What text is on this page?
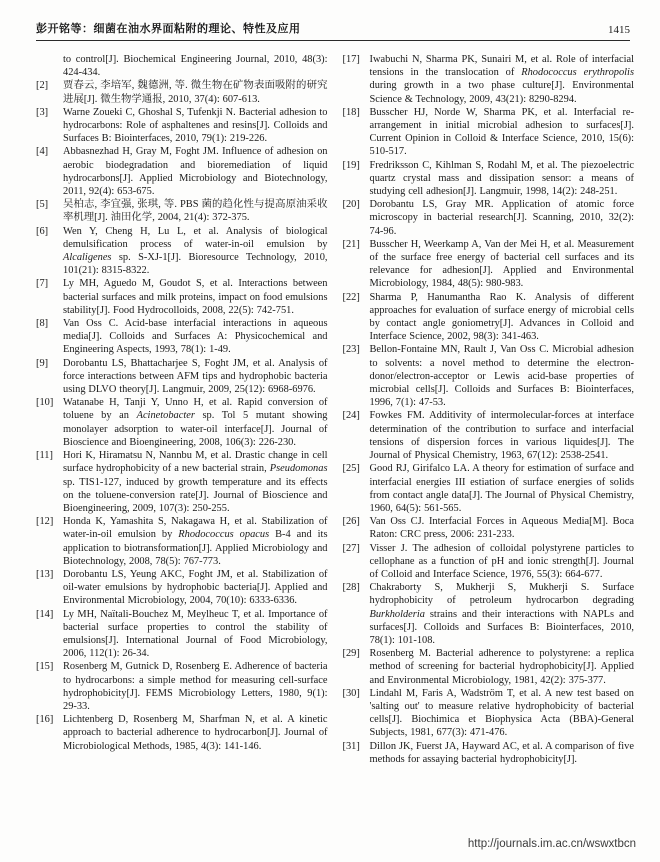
彭开铭等：细菌在油水界面粘附的理论、特性及应用	1415
to control[J]. Biochemical Engineering Journal, 2010, 48(3): 424-434.
[2]	贾春云, 李培军, 魏德洲, 等. 微生物在矿物表面吸附的研究进展[J]. 微生物学通报, 2010, 37(4): 607-613.
[3]	Warne Zoueki C, Ghoshal S, Tufenkji N. Bacterial adhesion to hydrocarbons: Role of asphaltenes and resins[J]. Colloids and Surfaces B: Biointerfaces, 2010, 79(1): 219-226.
[4]	Abbasnezhad H, Gray M, Foght JM. Influence of adhesion on aerobic biodegradation and bioremediation of liquid hydrocarbons[J]. Applied Microbiology and Biotechnology, 2011, 92(4): 653-675.
[5]	吴柏志, 李宜强, 张琪, 等. PBS 菌的趋化性与提高原油采收率机理[J]. 油田化学, 2004, 21(4): 372-375.
[6]	Wen Y, Cheng H, Lu L, et al. Analysis of biological demulsification process of water-in-oil emulsion by Alcaligenes sp. S-XJ-1[J]. Bioresource Technology, 2010, 101(21): 8315-8322.
[7]	Ly MH, Aguedo M, Goudot S, et al. Interactions between bacterial surfaces and milk proteins, impact on food emulsions stability[J]. Food Hydrocolloids, 2008, 22(5): 742-751.
[8]	Van Oss C. Acid-base interfacial interactions in aqueous media[J]. Colloids and Surfaces A: Physicochemical and Engineering Aspects, 1993, 78(1): 1-49.
[9]	Dorobantu LS, Bhattacharjee S, Foght JM, et al. Analysis of force interactions between AFM tips and hydrophobic bacteria using DLVO theory[J]. Langmuir, 2009, 25(12): 6968-6976.
[10] Watanabe H, Tanji Y, Unno H, et al. Rapid conversion of toluene by an Acinetobacter sp. Tol 5 mutant showing monolayer adsorption to water-oil interface[J]. Journal of Bioscience and Bioengineering, 2008, 106(3): 226-230.
[11] Hori K, Hiramatsu N, Nannbu M, et al. Drastic change in cell surface hydrophobicity of a new bacterial strain, Pseudomonas sp. TIS1-127, induced by growth temperature and its effects on the toluene-conversion rate[J]. Journal of Bioscience and Bioengineering, 2009, 107(3): 250-255.
[12] Honda K, Yamashita S, Nakagawa H, et al. Stabilization of water-in-oil emulsion by Rhodococcus opacus B-4 and its application to biotransformation[J]. Applied Microbiology and Biotechnology, 2008, 78(5): 767-773.
[13] Dorobantu LS, Yeung AKC, Foght JM, et al. Stabilization of oil-water emulsions by hydrophobic bacteria[J]. Applied and Environmental Microbiology, 2004, 70(10): 6333-6336.
[14] Ly MH, Naïtali-Bouchez M, Meylheuc T, et al. Importance of bacterial surface properties to control the stability of emulsions[J]. International Journal of Food Microbiology, 2006, 112(1): 26-34.
[15] Rosenberg M, Gutnick D, Rosenberg E. Adherence of bacteria to hydrocarbons: a simple method for measuring cell-surface hydrophobicity[J]. FEMS Microbiology Letters, 1980, 9(1): 29-33.
[16] Lichtenberg D, Rosenberg M, Sharfman N, et al. A kinetic approach to bacterial adherence to hydrocarbon[J]. Journal of Microbiological Methods, 1985, 4(3): 141-146.
[17] Iwabuchi N, Sharma PK, Sunairi M, et al. Role of interfacial tensions in the translocation of Rhodococcus erythropolis during growth in a two phase culture[J]. Environmental Science & Technology, 2009, 43(21): 8290-8294.
[18] Busscher HJ, Norde W, Sharma PK, et al. Interfacial re-arrangement in initial microbial adhesion to surfaces[J]. Current Opinion in Colloid & Interface Science, 2010, 15(6): 510-517.
[19] Fredriksson C, Kihlman S, Rodahl M, et al. The piezoelectric quartz crystal mass and dissipation sensor: a means of studying cell adhesion[J]. Langmuir, 1998, 14(2): 248-251.
[20] Dorobantu LS, Gray MR. Application of atomic force microscopy in bacterial research[J]. Scanning, 2010, 32(2): 74-96.
[21] Busscher H, Weerkamp A, Van der Mei H, et al. Measurement of the surface free energy of bacterial cell surfaces and its relevance for adhesion[J]. Applied and Environmental Microbiology, 1984, 48(5): 980-983.
[22] Sharma P, Hanumantha Rao K. Analysis of different approaches for evaluation of surface energy of microbial cells by contact angle goniometry[J]. Advances in Colloid and Interface Science, 2002, 98(3): 341-463.
[23] Bellon-Fontaine MN, Rault J, Van Oss C. Microbial adhesion to solvents: a novel method to determine the electron-donor/electron-acceptor or Lewis acid-base properties of microbial cells[J]. Colloids and Surfaces B: Biointerfaces, 1996, 7(1): 47-53.
[24] Fowkes FM. Additivity of intermolecular-forces at interface determination of the contribution to surface and interfacial tensions of dispersion forces in various liquides[J]. The Journal of Physical Chemistry, 1963, 67(12): 2538-2541.
[25] Good RJ, Girifalco LA. A theory for estimation of surface and interfacial energies III estiation of surface energies of solids from contact angle data[J]. The Journal of Physical Chemistry, 1960, 64(5): 561-565.
[26] Van Oss CJ. Interfacial Forces in Aqueous Media[M]. Boca Raton: CRC press, 2006: 231-233.
[27] Visser J. The adhesion of colloidal polystyrene particles to cellophane as a function of pH and ionic strength[J]. Journal of Colloid and Interface Science, 1976, 55(3): 664-677.
[28] Chakraborty S, Mukherji S, Mukherji S. Surface hydrophobicity of petroleum hydrocarbon degrading Burkholderia strains and their interactions with NAPLs and surfaces[J]. Colloids and Surfaces B: Biointerfaces, 2010, 78(1): 101-108.
[29] Rosenberg M. Bacterial adherence to polystyrene: a replica method of screening for bacterial hydrophobicity[J]. Applied and Environmental Microbiology, 1981, 42(2): 375-377.
[30] Lindahl M, Faris A, Wadström T, et al. A new test based on 'salting out' to measure relative hydrophobicity of bacterial cells[J]. Biochimica et Biophysica Acta (BBA)-General Subjects, 1981, 677(3): 471-476.
[31] Dillon JK, Fuerst JA, Hayward AC, et al. A comparison of five methods for assaying bacterial hydrophobicity[J].
http://journals.im.ac.cn/wswxtbcn
